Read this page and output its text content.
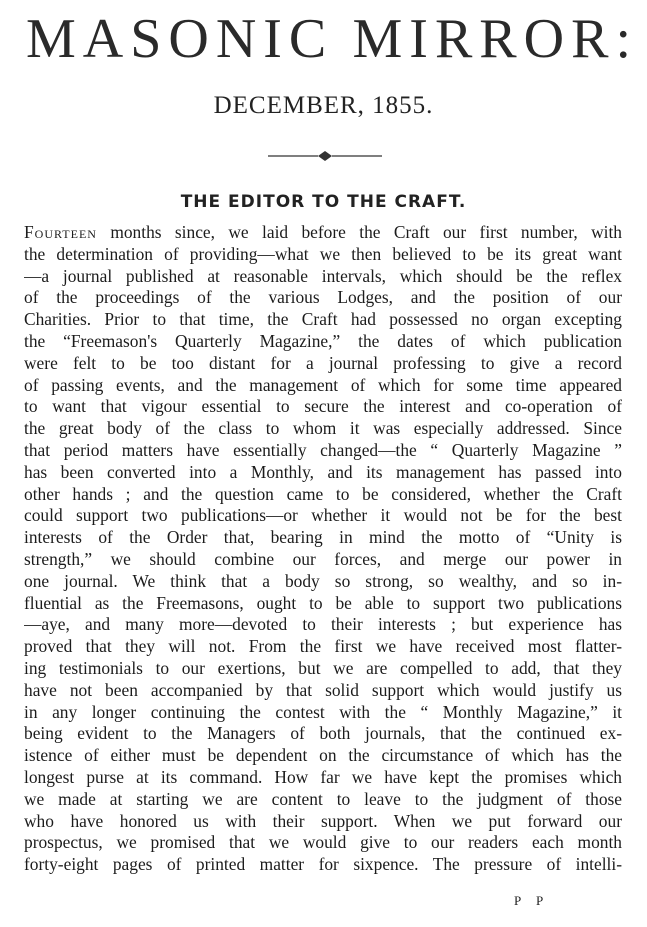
MASONIC MIRROR:
DECEMBER, 1855.
THE EDITOR TO THE CRAFT.
Fourteen months since, we laid before the Craft our first number, with
the determination of providing—what we then believed to be its great want
—a journal published at reasonable intervals, which should be the reflex
of the proceedings of the various Lodges, and the position of our
Charities. Prior to that time, the Craft had possessed no organ excepting
the “Freemason's Quarterly Magazine,” the dates of which publication
were felt to be too distant for a journal professing to give a record
of passing events, and the management of which for some time appeared
to want that vigour essential to secure the interest and co-operation of
the great body of the class to whom it was especially addressed. Since
that period matters have essentially changed—the “ Quarterly Magazine ”
has been converted into a Monthly, and its management has passed into
other hands ; and the question came to be considered, whether the Craft
could support two publications—or whether it would not be for the best
interests of the Order that, bearing in mind the motto of “Unity is
strength,” we should combine our forces, and merge our power in
one journal. We think that a body so strong, so wealthy, and so in-
fluential as the Freemasons, ought to be able to support two publications
—aye, and many more—devoted to their interests ; but experience has
proved that they will not. From the first we have received most flatter-
ing testimonials to our exertions, but we are compelled to add, that they
have not been accompanied by that solid support which would justify us
in any longer continuing the contest with the “ Monthly Magazine,” it
being evident to the Managers of both journals, that the continued ex-
istence of either must be dependent on the circumstance of which has the
longest purse at its command. How far we have kept the promises which
we made at starting we are content to leave to the judgment of those
who have honored us with their support. When we put forward our
prospectus, we promised that we would give to our readers each month
forty-eight pages of printed matter for sixpence. The pressure of intelli-
P P
